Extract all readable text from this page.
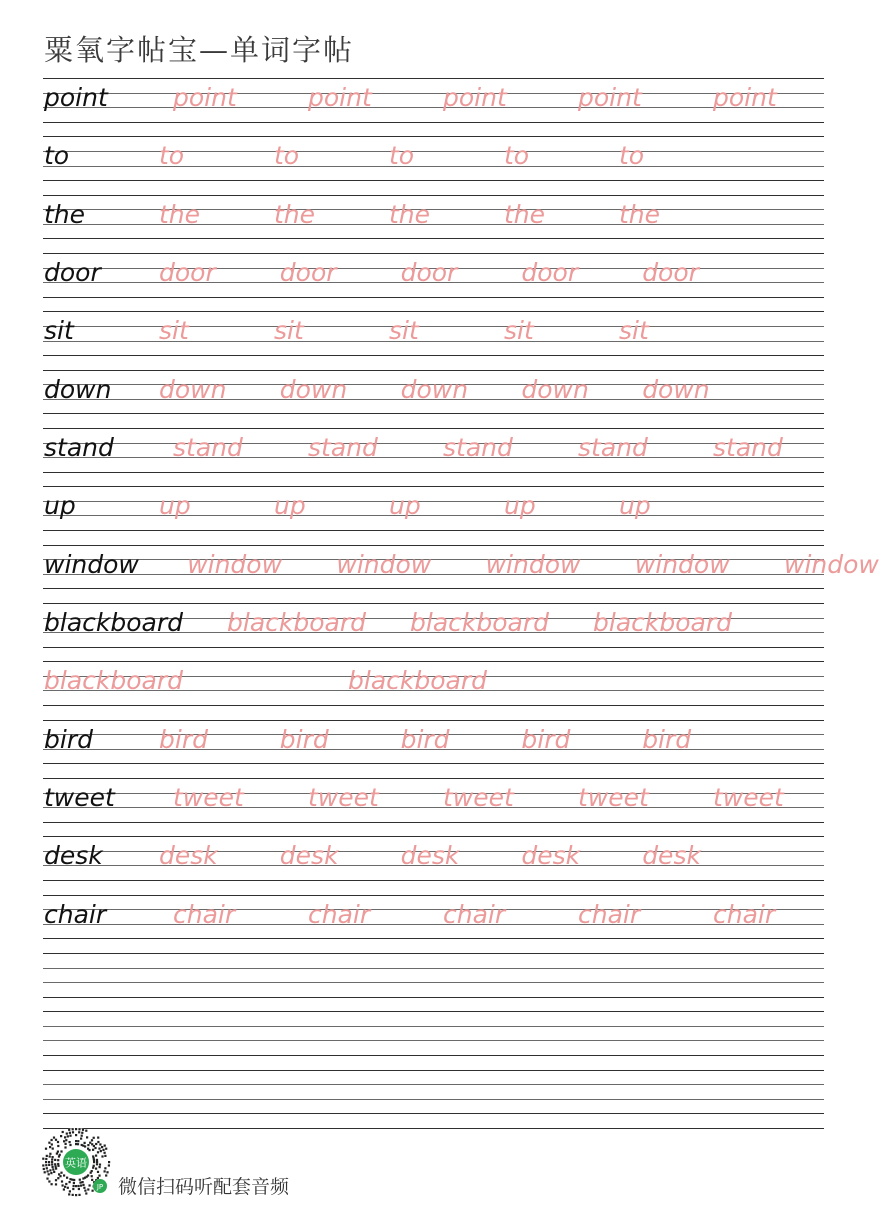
粟氧字帖宝—单词字帖
point	point	point	point	point	point
to	to	to	to	to	to
the	the	the	the	the	the
door door	door	door	door	door
sit	sit	sit	sit	sit	sit
down down down down down down
stand stand	stand	stand	stand	stand
up	up	up	up	up	up
window window window window window window
blackboard blackboard blackboard blackboard
blackboard	blackboard
bird	bird	bird	bird	bird	bird
tweet tweet	tweet	tweet	tweet	tweet
desk desk desk desk desk desk
chair	chair	chair	chair	chair	chair
英语
JP 微信扫码听配套音频
